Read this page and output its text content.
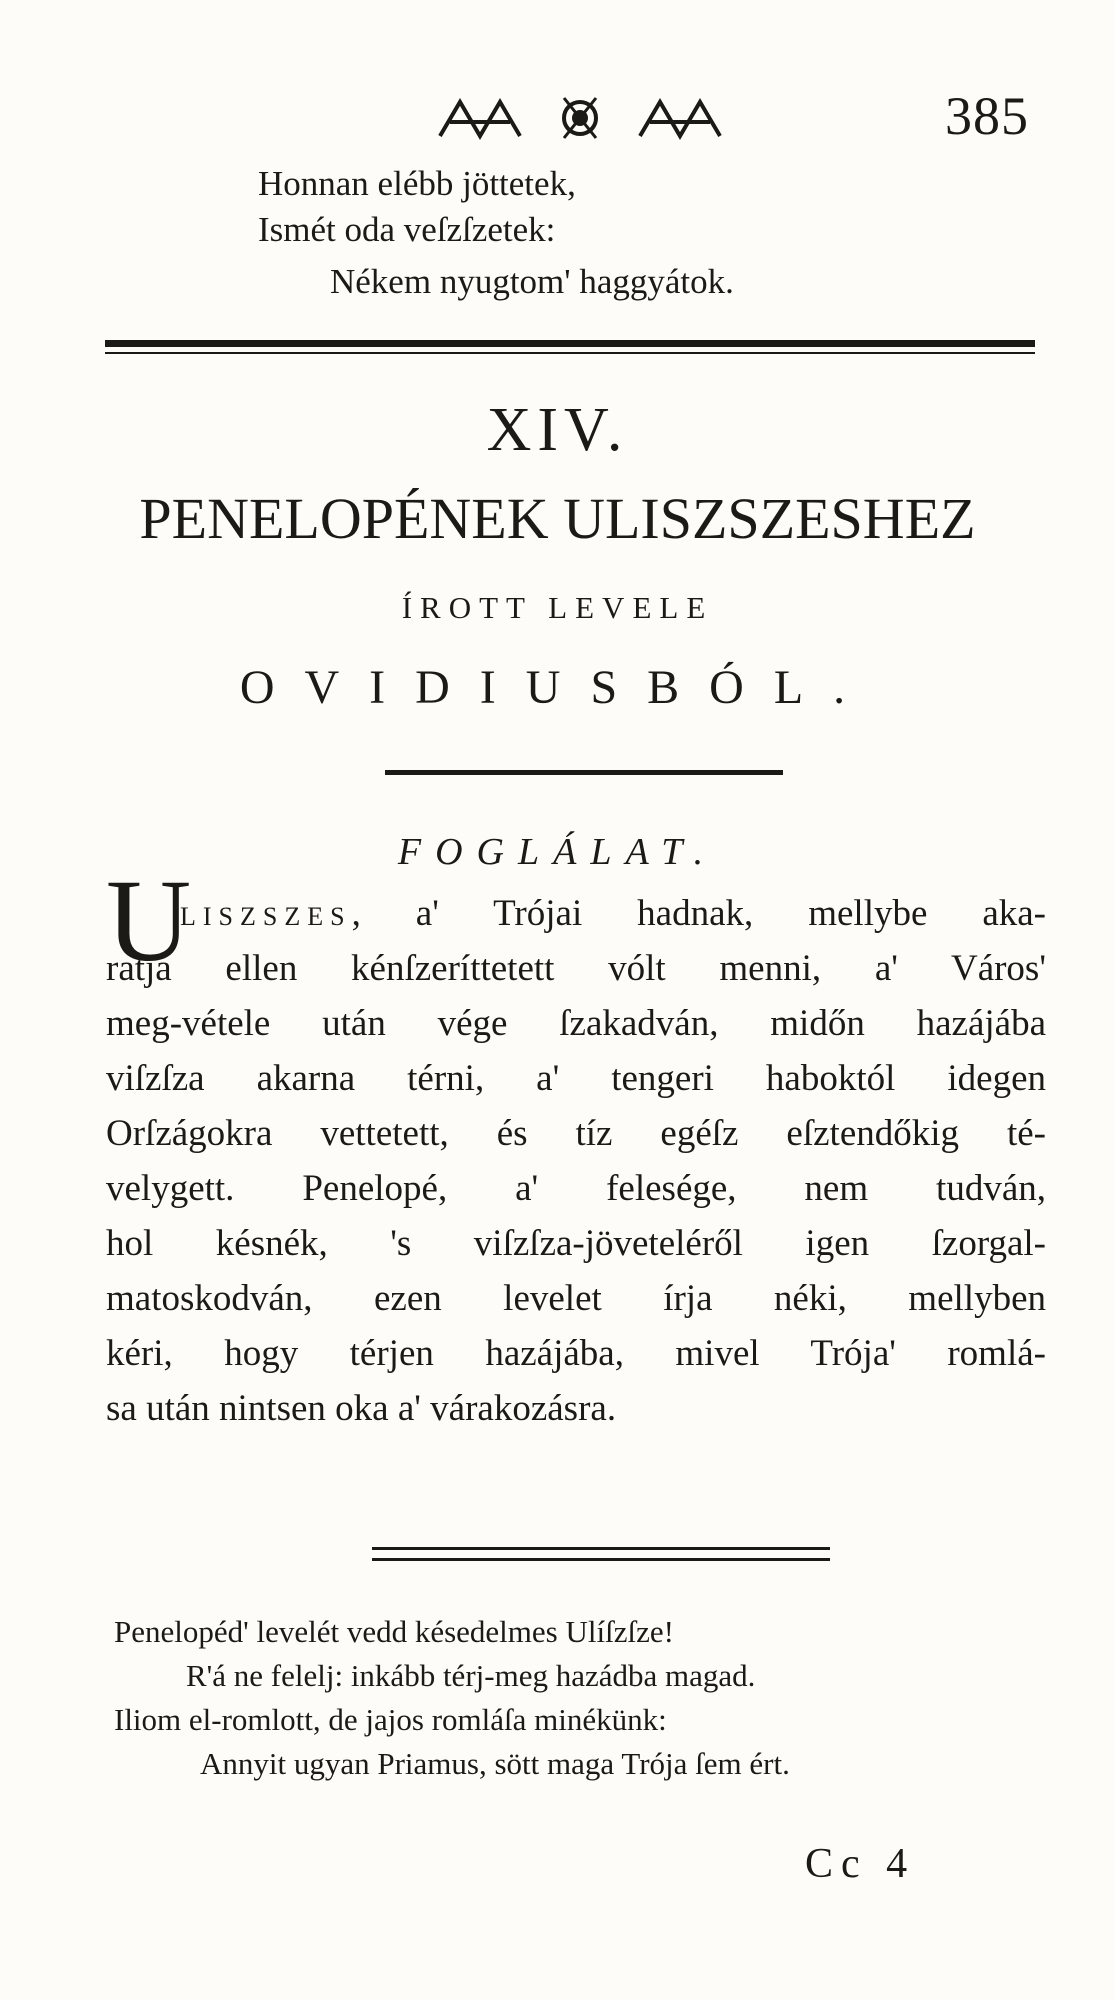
385
Honnan elébb jöttetek,
Ismét oda veſzſzetek:
Nékem nyugtom' haggyátok.
XIV.
PENELOPÉNEK ULISZSZESHEZ
ÍROTT LEVELE
OVIDIUSBÓL.
FOGLÁLAT.
U
LISZSZES, a' Trójai hadnak, mellybe aka-
ratja ellen kénſzeríttetett vólt menni, a' Város'
meg-vétele után vége ſzakadván, midőn hazájába
viſzſza akarna térni, a' tengeri haboktól idegen
Orſzágokra vettetett, és tíz egéſz eſztendőkig té-
velygett. Penelopé, a' felesége, nem tudván,
hol késnék, 's viſzſza-jöveteléről igen ſzorgal-
matoskodván, ezen levelet írja néki, mellyben
kéri, hogy térjen hazájába, mivel Trója' romlá-
sa után nintsen oka a' várakozásra.
Penelopéd' levelét vedd késedelmes Ulíſzſze!
R'á ne felelj: inkább térj-meg hazádba magad.
Iliom el-romlott, de jajos romláſa minékünk:
Annyit ugyan Priamus, sött maga Trója ſem ért.
Cc 4
